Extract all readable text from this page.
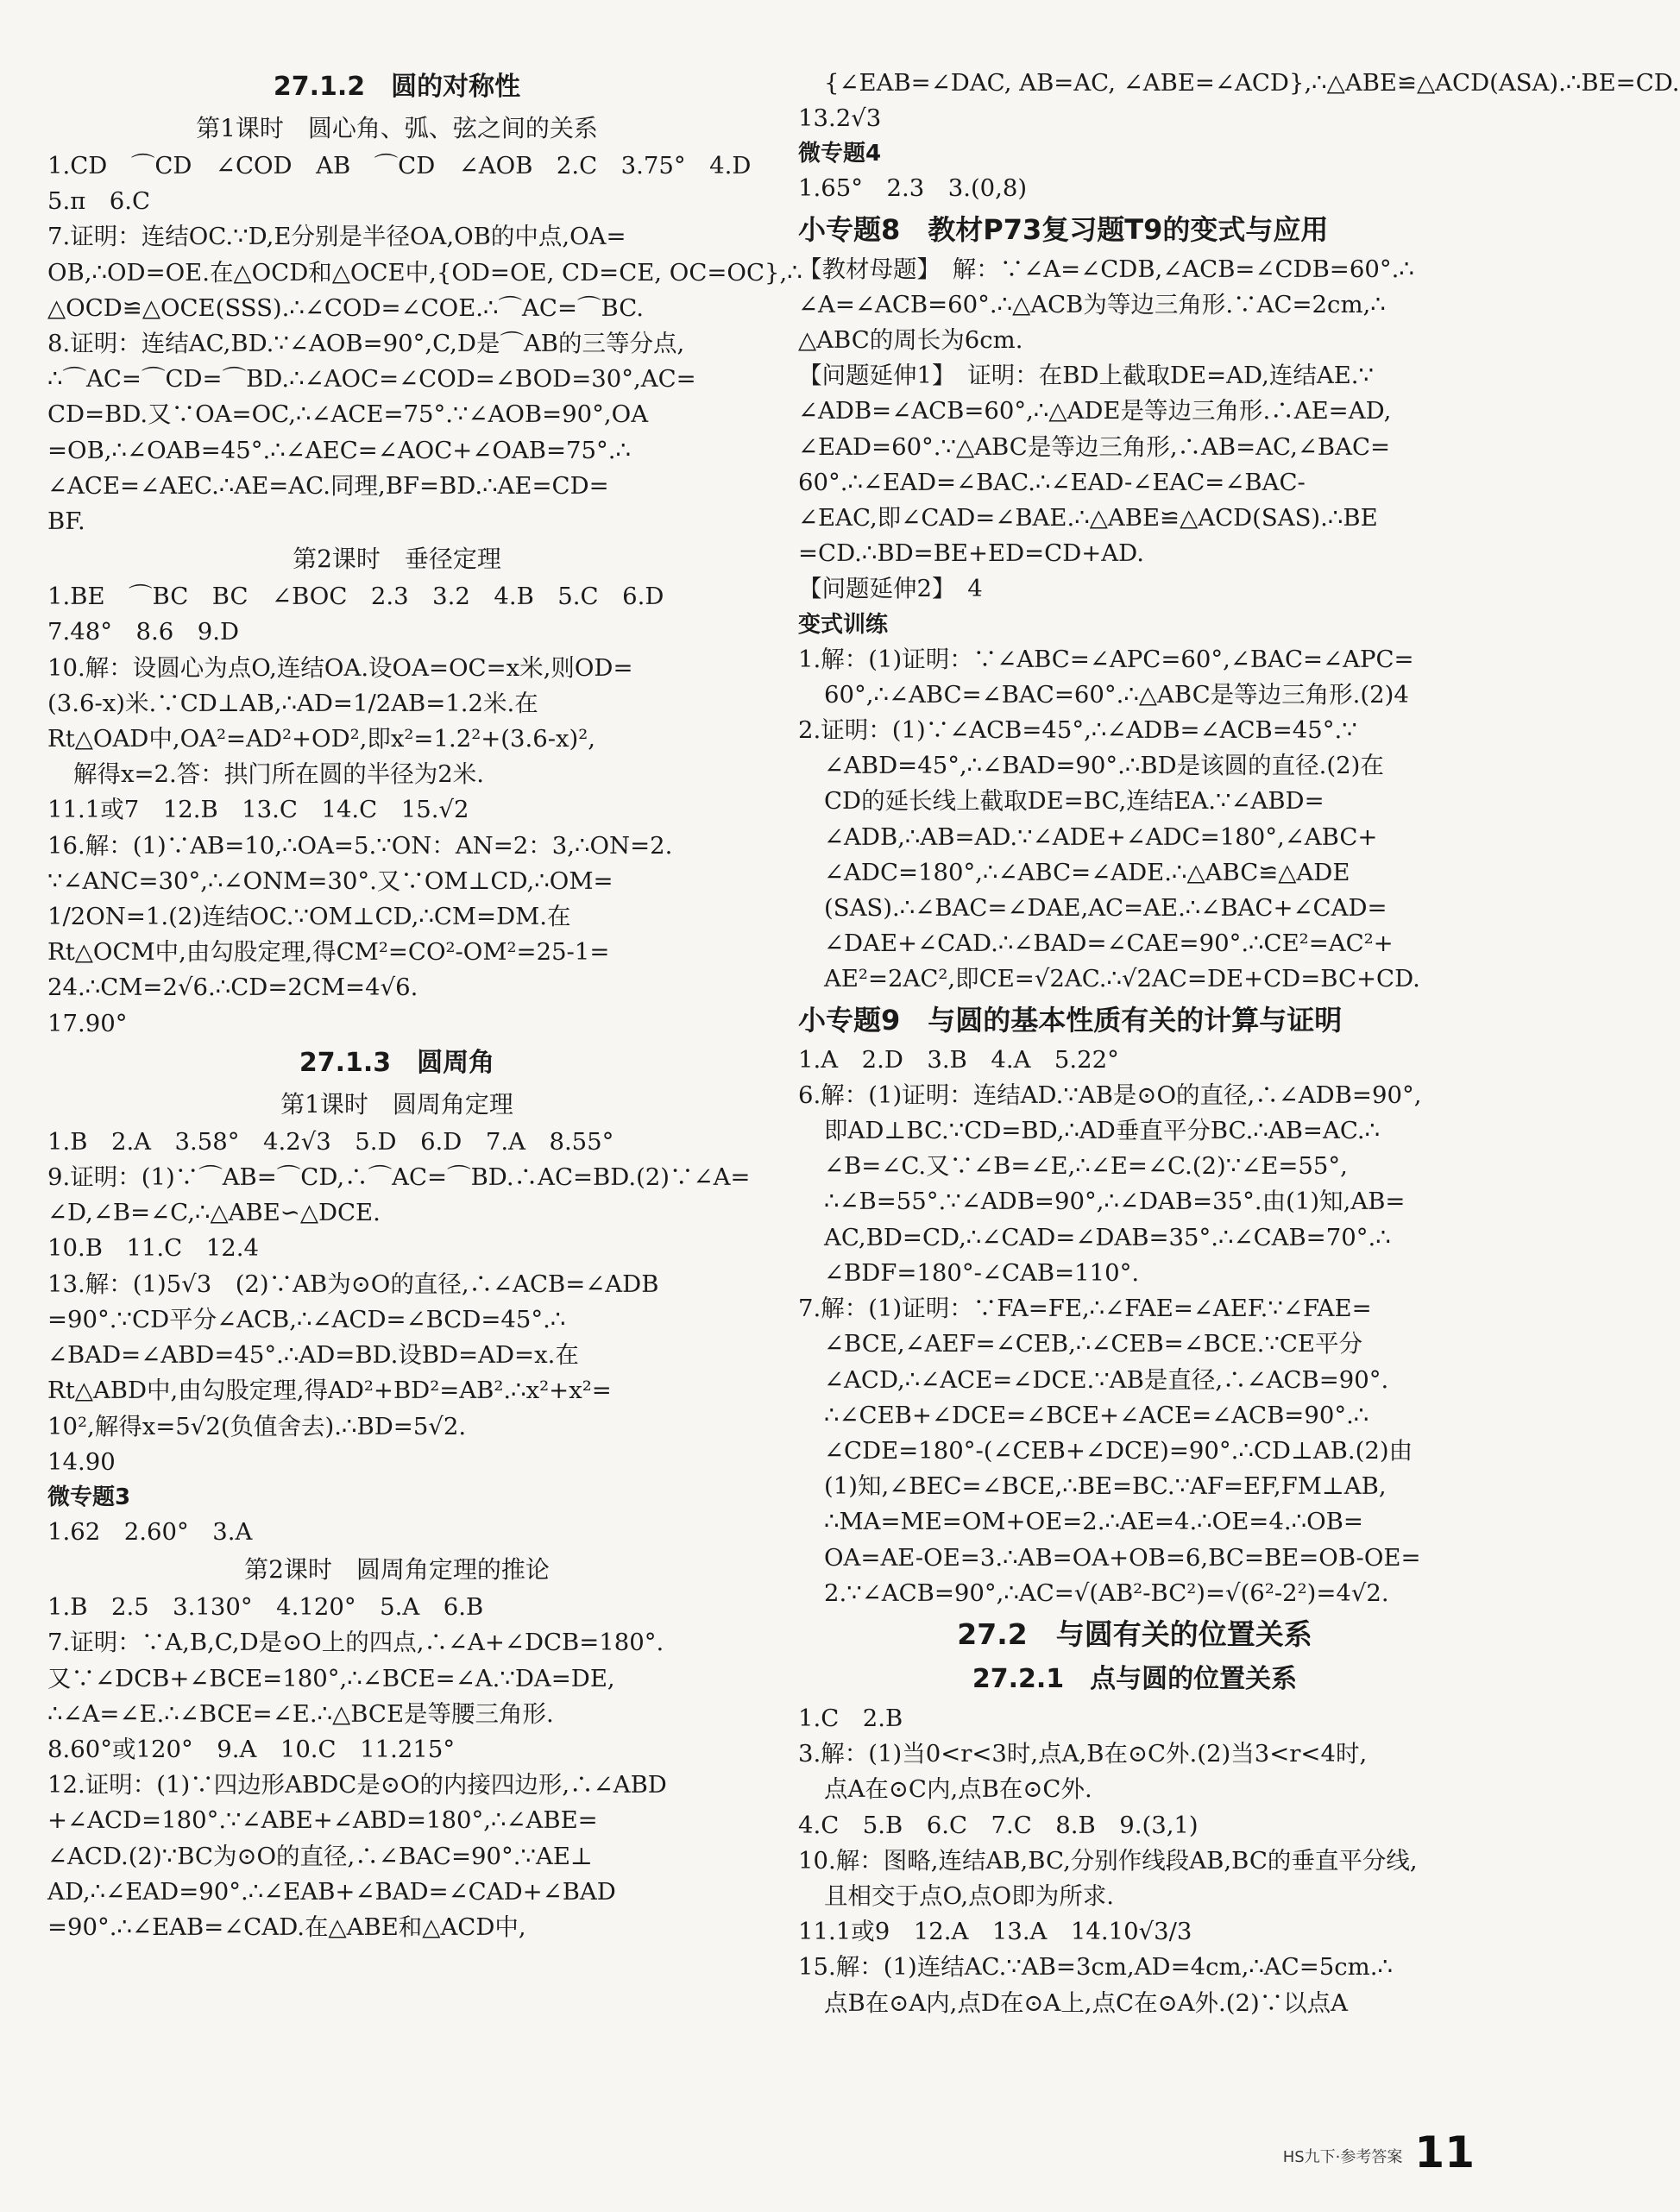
27.1.2　圆的对称性
第1课时　圆心角、弧、弦之间的关系
1.CD　⌒CD　∠COD　AB　⌒CD　∠AOB　2.C　3.75°　4.D
5.π　6.C
7.证明：连结OC.∵D,E分别是半径OA,OB的中点,OA=
OB,∴OD=OE.在△OCD和△OCE中,{OD=OE, CD=CE, OC=OC},∴
△OCD≌△OCE(SSS).∴∠COD=∠COE.∴⌒AC=⌒BC.
8.证明：连结AC,BD.∵∠AOB=90°,C,D是⌒AB的三等分点,
∴⌒AC=⌒CD=⌒BD.∴∠AOC=∠COD=∠BOD=30°,AC=
CD=BD.又∵OA=OC,∴∠ACE=75°.∵∠AOB=90°,OA
=OB,∴∠OAB=45°.∴∠AEC=∠AOC+∠OAB=75°.∴
∠ACE=∠AEC.∴AE=AC.同理,BF=BD.∴AE=CD=
BF.
第2课时　垂径定理
1.BE　⌒BC　BC　∠BOC　2.3　3.2　4.B　5.C　6.D
7.48°　8.6　9.D
10.解：设圆心为点O,连结OA.设OA=OC=x米,则OD=
(3.6-x)米.∵CD⊥AB,∴AD=1/2AB=1.2米.在
Rt△OAD中,OA²=AD²+OD²,即x²=1.2²+(3.6-x)²,
解得x=2.答：拱门所在圆的半径为2米.
11.1或7　12.B　13.C　14.C　15.√2
16.解：(1)∵AB=10,∴OA=5.∵ON：AN=2：3,∴ON=2.
∵∠ANC=30°,∴∠ONM=30°.又∵OM⊥CD,∴OM=
1/2ON=1.(2)连结OC.∵OM⊥CD,∴CM=DM.在
Rt△OCM中,由勾股定理,得CM²=CO²-OM²=25-1=
24.∴CM=2√6.∴CD=2CM=4√6.
17.90°
27.1.3　圆周角
第1课时　圆周角定理
1.B　2.A　3.58°　4.2√3　5.D　6.D　7.A　8.55°
9.证明：(1)∵⌒AB=⌒CD,∴⌒AC=⌒BD.∴AC=BD.(2)∵∠A=
∠D,∠B=∠C,∴△ABE∽△DCE.
10.B　11.C　12.4
13.解：(1)5√3　(2)∵AB为⊙O的直径,∴∠ACB=∠ADB
=90°.∵CD平分∠ACB,∴∠ACD=∠BCD=45°.∴
∠BAD=∠ABD=45°.∴AD=BD.设BD=AD=x.在
Rt△ABD中,由勾股定理,得AD²+BD²=AB².∴x²+x²=
10²,解得x=5√2(负值舍去).∴BD=5√2.
14.90
微专题3
1.62　2.60°　3.A
第2课时　圆周角定理的推论
1.B　2.5　3.130°　4.120°　5.A　6.B
7.证明：∵A,B,C,D是⊙O上的四点,∴∠A+∠DCB=180°.
又∵∠DCB+∠BCE=180°,∴∠BCE=∠A.∵DA=DE,
∴∠A=∠E.∴∠BCE=∠E.∴△BCE是等腰三角形.
8.60°或120°　9.A　10.C　11.215°
12.证明：(1)∵四边形ABDC是⊙O的内接四边形,∴∠ABD
+∠ACD=180°.∵∠ABE+∠ABD=180°,∴∠ABE=
∠ACD.(2)∵BC为⊙O的直径,∴∠BAC=90°.∵AE⊥
AD,∴∠EAD=90°.∴∠EAB+∠BAD=∠CAD+∠BAD
=90°.∴∠EAB=∠CAD.在△ABE和△ACD中,
{∠EAB=∠DAC, AB=AC, ∠ABE=∠ACD},∴△ABE≌△ACD(ASA).∴BE=CD.
13.2√3
微专题4
1.65°　2.3　3.(0,8)
小专题8　教材P73复习题T9的变式与应用
【教材母题】　解：∵∠A=∠CDB,∠ACB=∠CDB=60°.∴
∠A=∠ACB=60°.∴△ACB为等边三角形.∵AC=2cm,∴
△ABC的周长为6cm.
【问题延伸1】　证明：在BD上截取DE=AD,连结AE.∵
∠ADB=∠ACB=60°,∴△ADE是等边三角形.∴AE=AD,
∠EAD=60°.∵△ABC是等边三角形,∴AB=AC,∠BAC=
60°.∴∠EAD=∠BAC.∴∠EAD-∠EAC=∠BAC-
∠EAC,即∠CAD=∠BAE.∴△ABE≌△ACD(SAS).∴BE
=CD.∴BD=BE+ED=CD+AD.
【问题延伸2】　4
变式训练
1.解：(1)证明：∵∠ABC=∠APC=60°,∠BAC=∠APC=
60°,∴∠ABC=∠BAC=60°.∴△ABC是等边三角形.(2)4
2.证明：(1)∵∠ACB=45°,∴∠ADB=∠ACB=45°.∵
∠ABD=45°,∴∠BAD=90°.∴BD是该圆的直径.(2)在
CD的延长线上截取DE=BC,连结EA.∵∠ABD=
∠ADB,∴AB=AD.∵∠ADE+∠ADC=180°,∠ABC+
∠ADC=180°,∴∠ABC=∠ADE.∴△ABC≌△ADE
(SAS).∴∠BAC=∠DAE,AC=AE.∴∠BAC+∠CAD=
∠DAE+∠CAD.∴∠BAD=∠CAE=90°.∴CE²=AC²+
AE²=2AC²,即CE=√2AC.∴√2AC=DE+CD=BC+CD.
小专题9　与圆的基本性质有关的计算与证明
1.A　2.D　3.B　4.A　5.22°
6.解：(1)证明：连结AD.∵AB是⊙O的直径,∴∠ADB=90°,
即AD⊥BC.∵CD=BD,∴AD垂直平分BC.∴AB=AC.∴
∠B=∠C.又∵∠B=∠E,∴∠E=∠C.(2)∵∠E=55°,
∴∠B=55°.∵∠ADB=90°,∴∠DAB=35°.由(1)知,AB=
AC,BD=CD,∴∠CAD=∠DAB=35°.∴∠CAB=70°.∴
∠BDF=180°-∠CAB=110°.
7.解：(1)证明：∵FA=FE,∴∠FAE=∠AEF.∵∠FAE=
∠BCE,∠AEF=∠CEB,∴∠CEB=∠BCE.∵CE平分
∠ACD,∴∠ACE=∠DCE.∵AB是直径,∴∠ACB=90°.
∴∠CEB+∠DCE=∠BCE+∠ACE=∠ACB=90°.∴
∠CDE=180°-(∠CEB+∠DCE)=90°.∴CD⊥AB.(2)由
(1)知,∠BEC=∠BCE,∴BE=BC.∵AF=EF,FM⊥AB,
∴MA=ME=OM+OE=2.∴AE=4.∴OE=4.∴OB=
OA=AE-OE=3.∴AB=OA+OB=6,BC=BE=OB-OE=
2.∵∠ACB=90°,∴AC=√(AB²-BC²)=√(6²-2²)=4√2.
27.2　与圆有关的位置关系
27.2.1　点与圆的位置关系
1.C　2.B
3.解：(1)当0<r<3时,点A,B在⊙C外.(2)当3<r<4时,
点A在⊙C内,点B在⊙C外.
4.C　5.B　6.C　7.C　8.B　9.(3,1)
10.解：图略,连结AB,BC,分别作线段AB,BC的垂直平分线,
且相交于点O,点O即为所求.
11.1或9　12.A　13.A　14.10√3/3
15.解：(1)连结AC.∵AB=3cm,AD=4cm,∴AC=5cm.∴
点B在⊙A内,点D在⊙A上,点C在⊙A外.(2)∵以点A
HS九下·参考答案 11
